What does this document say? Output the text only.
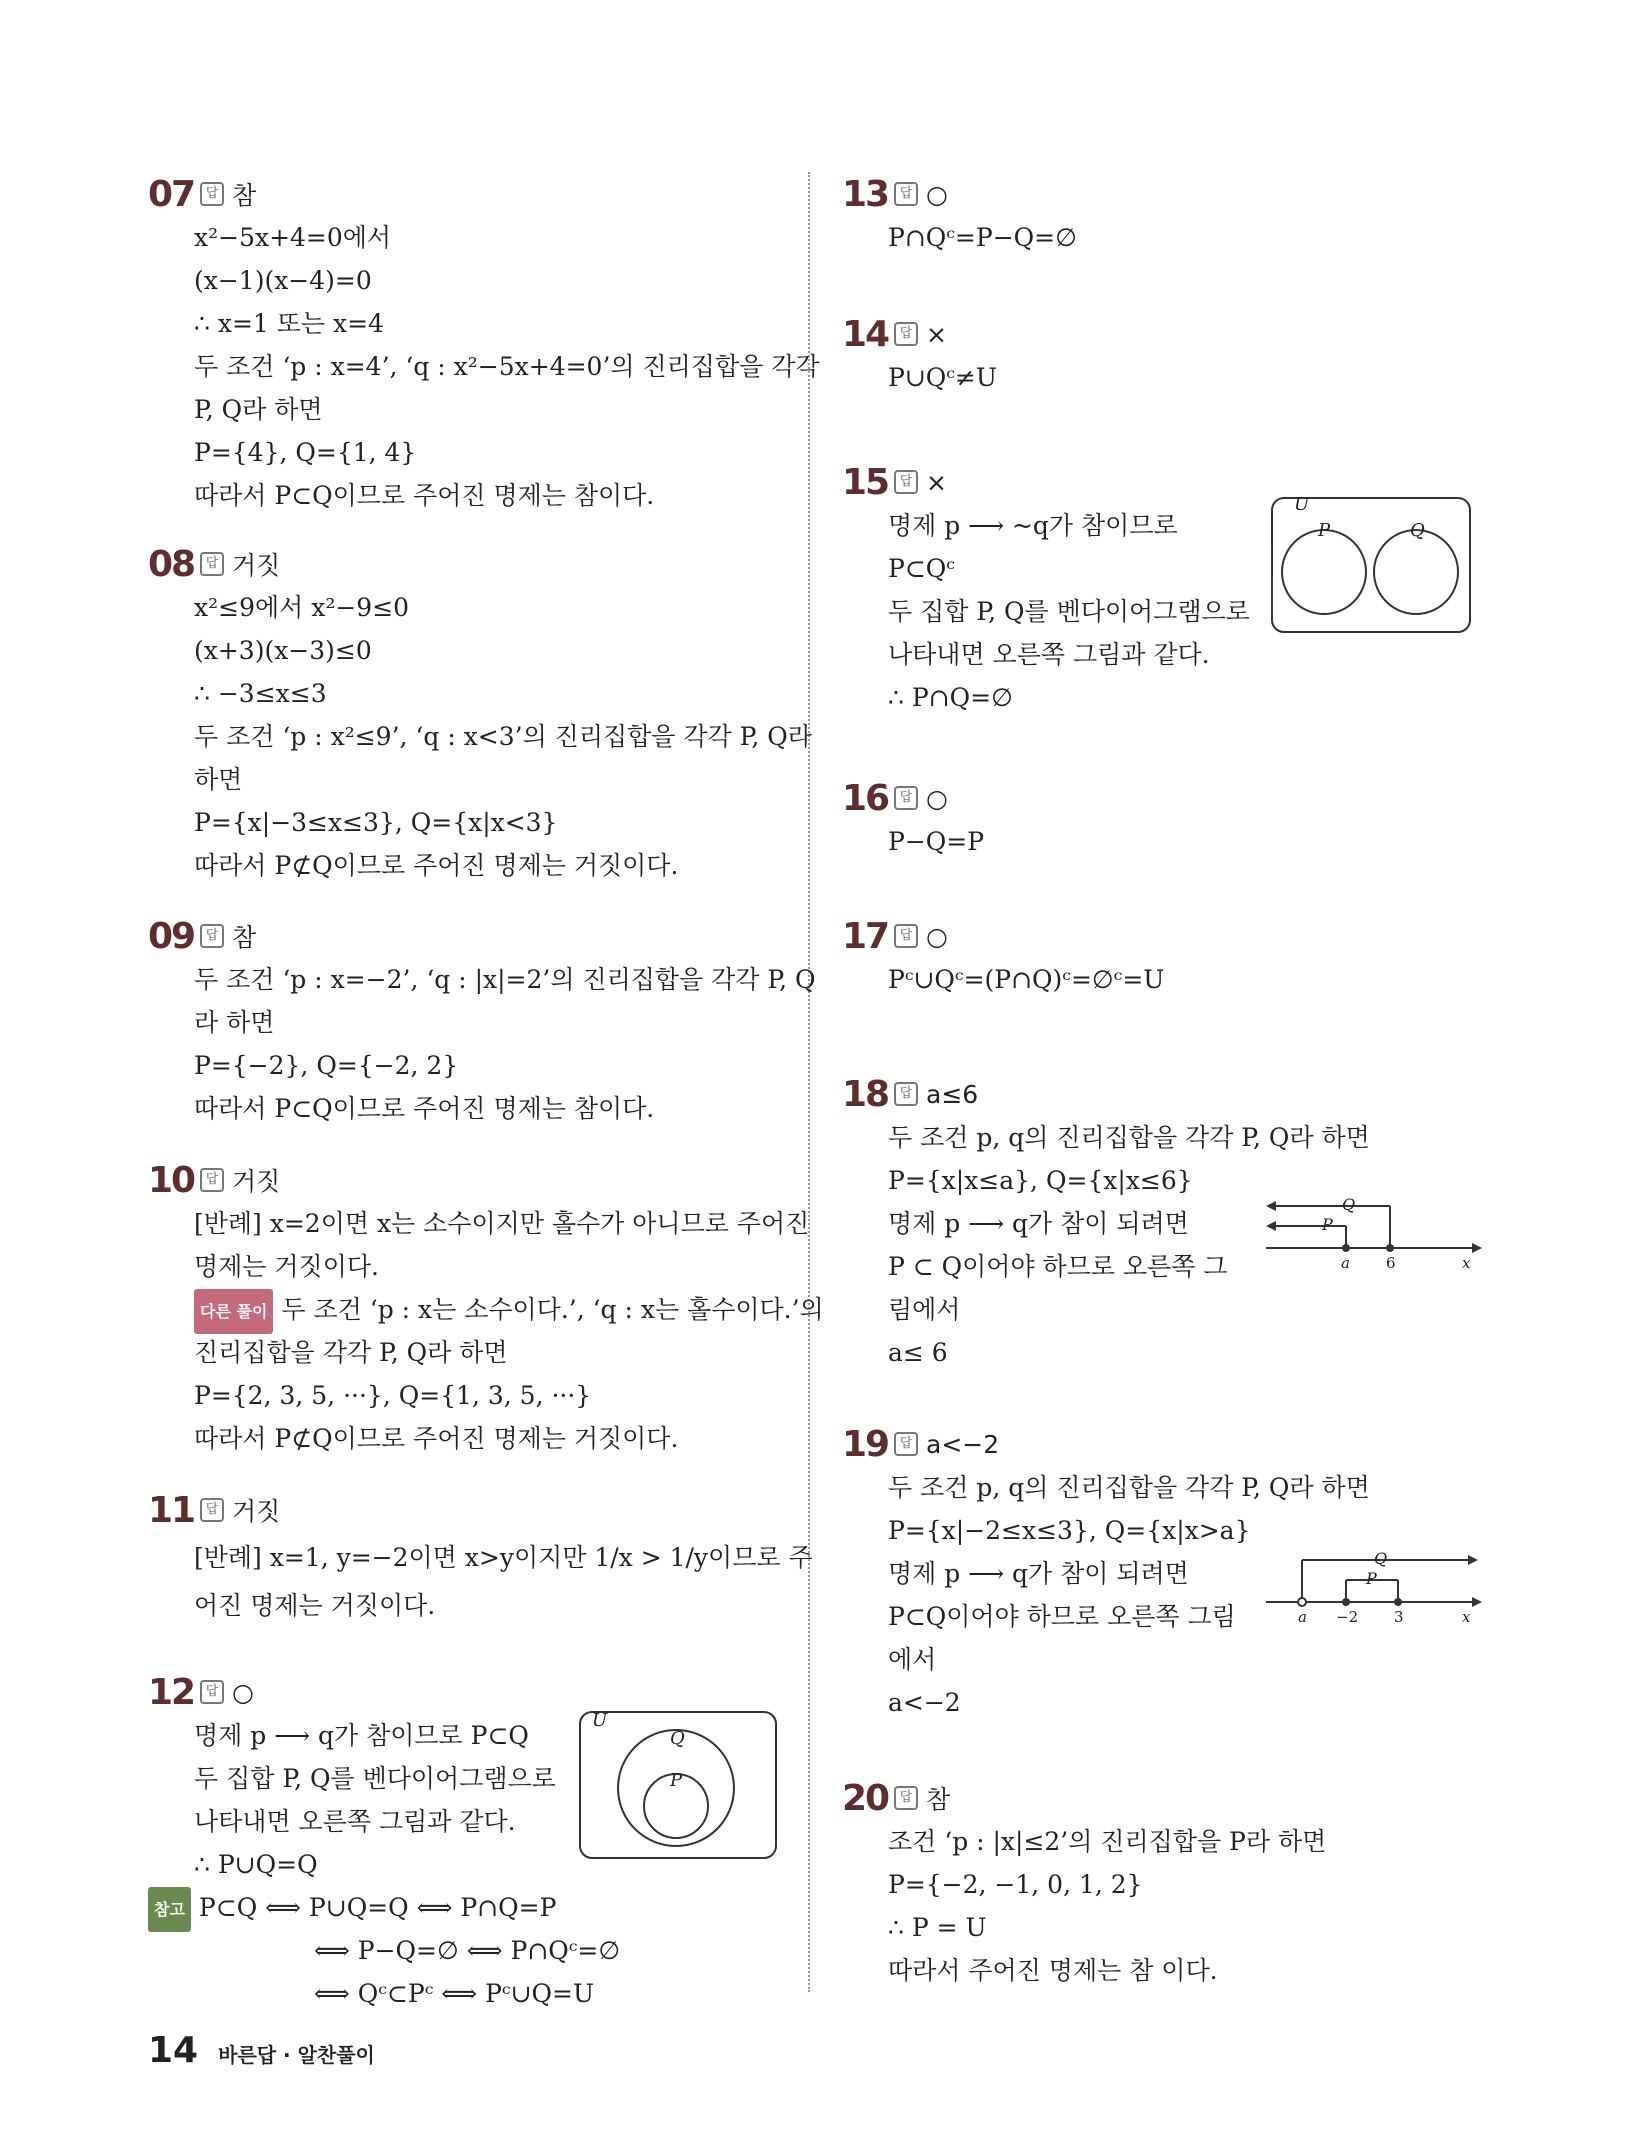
07 답 참
x²−5x+4=0에서
(x−1)(x−4)=0
∴ x=1 또는 x=4
두 조건 ‘p : x=4’, ‘q : x²−5x+4=0’의 진리집합을 각각
P, Q라 하면
P={4}, Q={1, 4}
따라서 P⊂Q이므로 주어진 명제는 참이다.
08 답 거짓
x²≤9에서 x²−9≤0
(x+3)(x−3)≤0
∴ −3≤x≤3
두 조건 ‘p : x²≤9’, ‘q : x<3’의 진리집합을 각각 P, Q라
하면
P={x|−3≤x≤3}, Q={x|x<3}
따라서 P⊄Q이므로 주어진 명제는 거짓이다.
09 답 참
두 조건 ‘p : x=−2’, ‘q : |x|=2’의 진리집합을 각각 P, Q
라 하면
P={−2}, Q={−2, 2}
따라서 P⊂Q이므로 주어진 명제는 참이다.
10 답 거짓
[반례] x=2이면 x는 소수이지만 홀수가 아니므로 주어진
명제는 거짓이다.
다른 풀이 두 조건 ‘p : x는 소수이다.’, ‘q : x는 홀수이다.’의
진리집합을 각각 P, Q라 하면
P={2, 3, 5, ···}, Q={1, 3, 5, ···}
따라서 P⊄Q이므로 주어진 명제는 거짓이다.
11 답 거짓
[반례] x=1, y=−2이면 x>y이지만 1/x > 1/y이므로 주
어진 명제는 거짓이다.
12 답 ○
명제 p ⟶ q가 참이므로 P⊂Q
두 집합 P, Q를 벤다이어그램으로
나타내면 오른쪽 그림과 같다.
∴ P∪Q=Q
참고 P⊂Q ⟺ P∪Q=Q ⟺ P∩Q=P
⟺ P−Q=∅ ⟺ P∩Qᶜ=∅
⟺ Qᶜ⊂Pᶜ ⟺ Pᶜ∪Q=U
U
Q
P
13 답 ○
P∩Qᶜ=P−Q=∅
14 답 ×
P∪Qᶜ≠U
15 답 ×
명제 p ⟶ ~q가 참이므로
P⊂Qᶜ
두 집합 P, Q를 벤다이어그램으로
나타내면 오른쪽 그림과 같다.
∴ P∩Q=∅
U
P	Q
16 답 ○
P−Q=P
17 답 ○
Pᶜ∪Qᶜ=(P∩Q)ᶜ=∅ᶜ=U
18 답 a≤6
두 조건 p, q의 진리집합을 각각 P, Q라 하면
P={x|x≤a}, Q={x|x≤6}
명제 p ⟶ q가 참이 되려면
P ⊂ Q이어야 하므로 오른쪽 그
림에서
a≤ 6
Q
P
a 6	x
19 답 a<−2
두 조건 p, q의 진리집합을 각각 P, Q라 하면
P={x|−2≤x≤3}, Q={x|x>a}
명제 p ⟶ q가 참이 되려면
P⊂Q이어야 하므로 오른쪽 그림
에서
a<−2
Q
P
a −2 3	x
20 답 참
조건 ‘p : |x|≤2’의 진리집합을 P라 하면
P={−2, −1, 0, 1, 2}
∴ P = U
따라서 주어진 명제는 참 이다.
14 바른답 · 알찬풀이
